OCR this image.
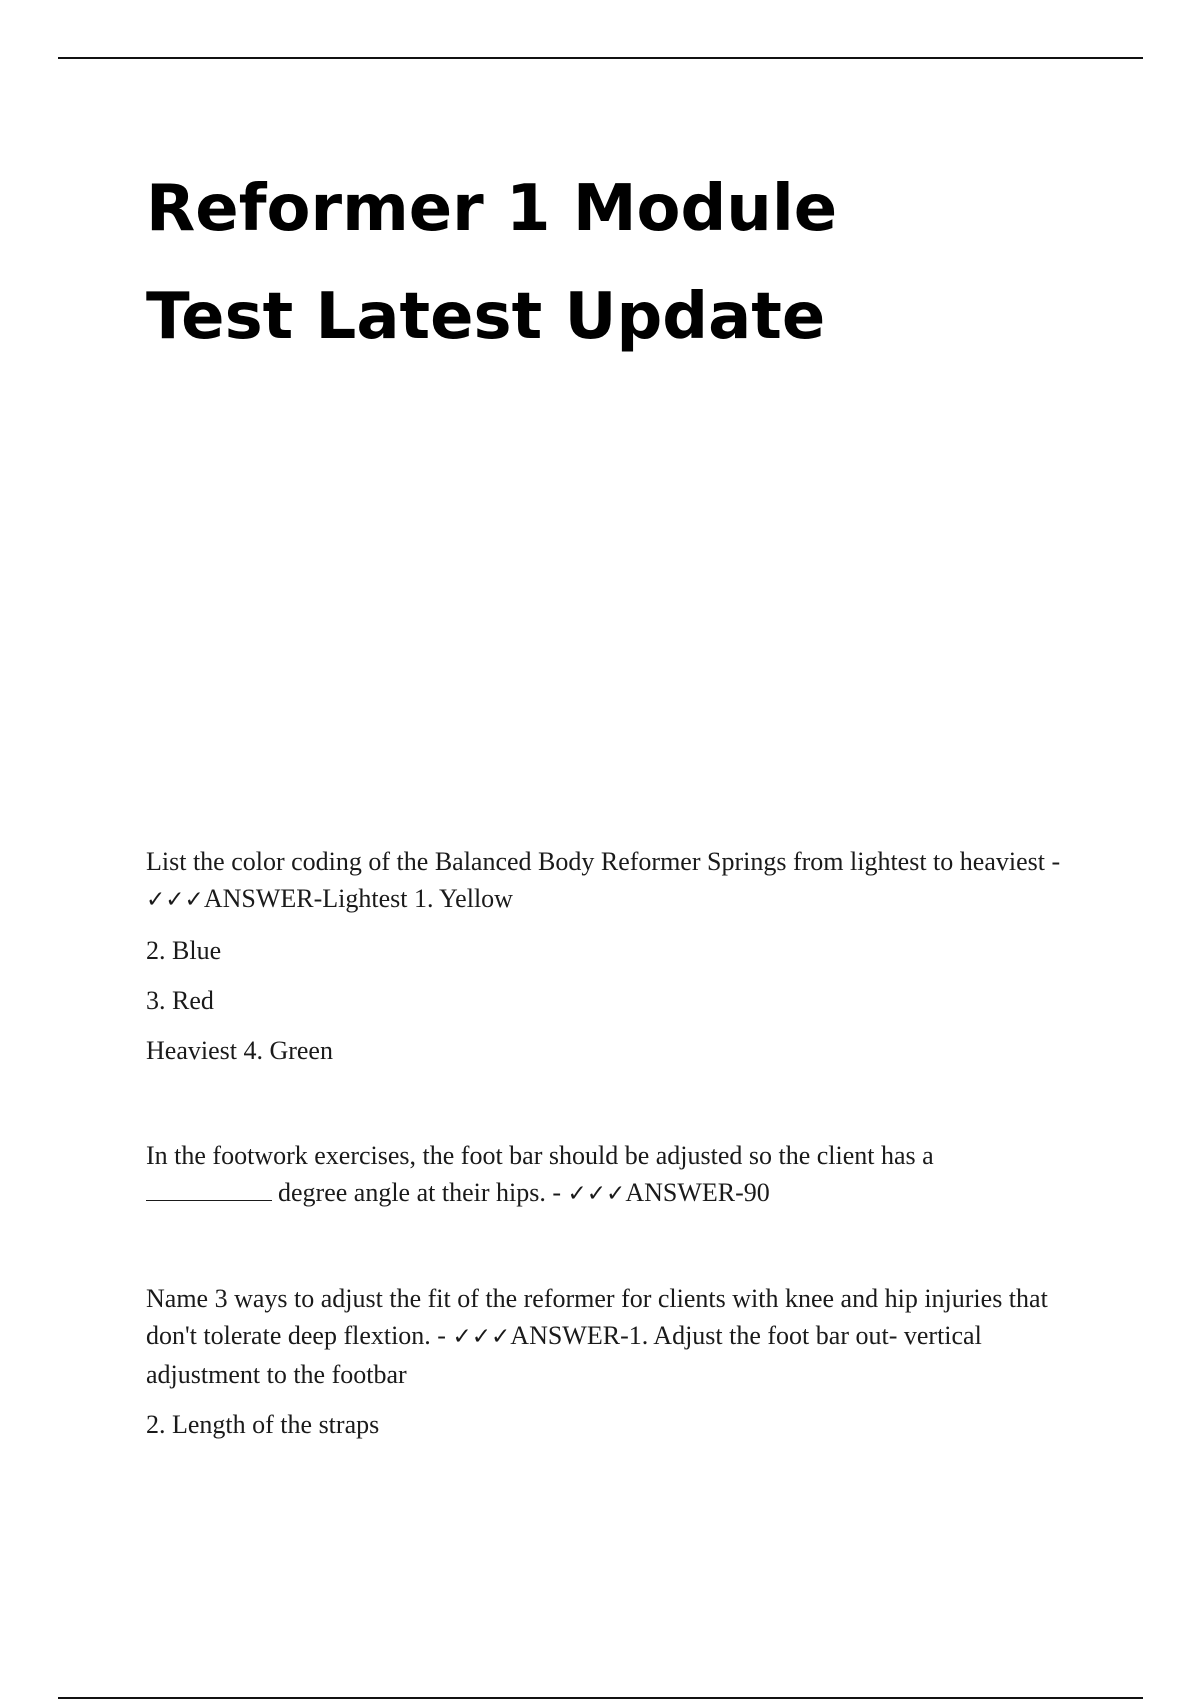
Reformer 1 Module
Test Latest Update

List the color coding of the Balanced Body Reformer Springs from lightest to heaviest - ✓✓✓ANSWER-Lightest 1. Yellow

2. Blue

3. Red

Heaviest 4. Green

In the footwork exercises, the foot bar should be adjusted so the client has a
degree angle at their hips. - ✓✓✓ANSWER-90

Name 3 ways to adjust the fit of the reformer for clients with knee and hip injuries that don't tolerate deep flextion. - ✓✓✓ANSWER-1. Adjust the foot bar out- vertical adjustment to the footbar

2. Length of the straps
